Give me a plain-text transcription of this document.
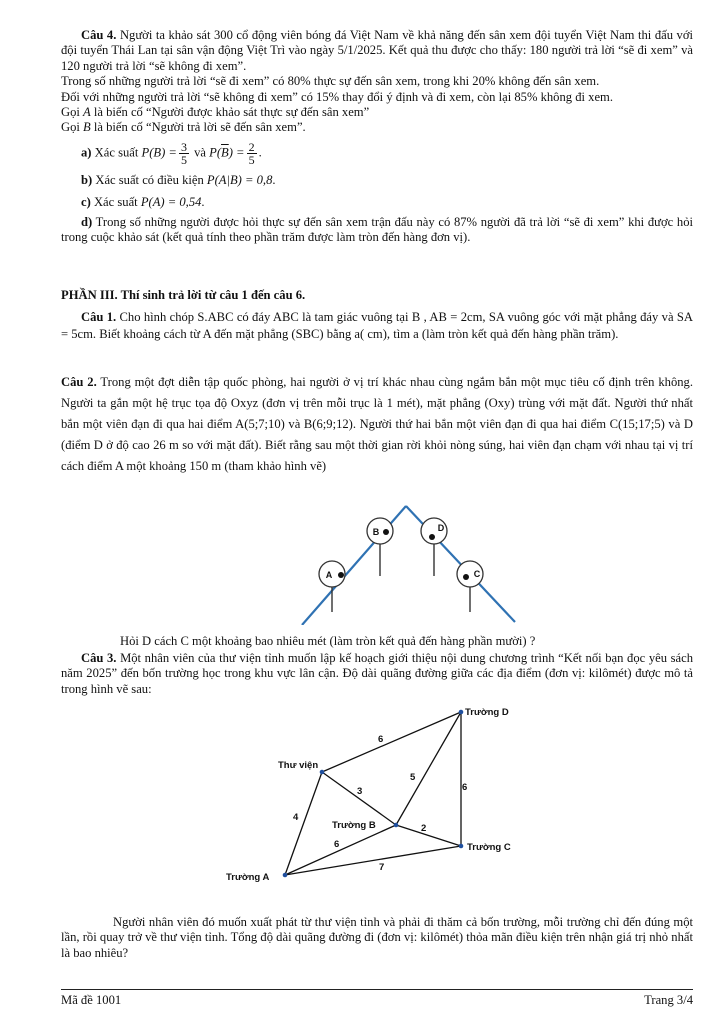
Câu 4. Người ta khảo sát 300 cổ động viên bóng đá Việt Nam về khả năng đến sân xem đội tuyển Việt Nam thi đấu với đội tuyển Thái Lan tại sân vận động Việt Trì vào ngày 5/1/2025. Kết quả thu được cho thấy: 180 người trả lời “sẽ đi xem” và 120 người trả lời “sẽ không đi xem”.

Trong số những người trả lời “sẽ đi xem” có 80% thực sự đến sân xem, trong khi 20% không đến sân xem.

Đối với những người trả lời “sẽ không đi xem” có 15% thay đổi ý định và đi xem, còn lại 85% không đi xem.

Gọi A là biến cố “Người được khảo sát thực sự đến sân xem”

Gọi B là biến cố “Người trả lời sẽ đến sân xem”.

a) Xác suất $P(B) = \frac{3}{5}$ và $P(\overline{B}) = \frac{2}{5}$ .

b) Xác suất có điều kiện P(A|B) = 0,8.

c) Xác suất P(A) = 0,54.

d) Trong số những người được hỏi thực sự đến sân xem trận đấu này có 87% người đã trả lời “sẽ đi xem” khi được hỏi trong cuộc khảo sát (kết quả tính theo phần trăm được làm tròn đến hàng đơn vị).

PHẦN III. Thí sinh trả lời từ câu 1 đến câu 6.

Câu 1. Cho hình chóp S.ABC có đáy ABC là tam giác vuông tại B , AB = 2cm, SA vuông góc với mặt phẳng đáy và SA = 5cm. Biết khoảng cách từ A đến mặt phẳng (SBC) bằng a( cm), tìm a (làm tròn kết quả đến hàng phần trăm).

Câu 2. Trong một đợt diễn tập quốc phòng, hai người ở vị trí khác nhau cùng ngắm bắn một mục tiêu cố định trên không. Người ta gắn một hệ trục tọa độ Oxyz (đơn vị trên mỗi trục là 1 mét), mặt phẳng (Oxy) trùng với mặt đất. Người thứ nhất bắn một viên đạn đi qua hai điểm A(5;7;10) và B(6;9;12). Người thứ hai bắn một viên đạn đi qua hai điểm C(15;17;5) và D (điểm D ở độ cao 26 m so với mặt đất). Biết rằng sau một thời gian rời khỏi nòng súng, hai viên đạn chạm với nhau tại vị trí cách điểm A một khoảng 150 m (tham khảo hình vẽ)

A
B	D
C

Hỏi D cách C một khoảng bao nhiêu mét (làm tròn kết quả đến hàng phần mười) ?

Câu 3. Một nhân viên của thư viện tỉnh muốn lập kế hoạch giới thiệu nội dung chương trình “Kết nối bạn đọc yêu sách năm 2025” đến bốn trường học trong khu vực lân cận. Độ dài quãng đường giữa các địa điểm (đơn vị: kilômét) được mô tả trong hình vẽ sau:

Thư viện
Trường D
Trường B
Trường C
Trường A
6
3
4
5
6
2
6
7

Người nhân viên đó muốn xuất phát từ thư viện tỉnh và phải đi thăm cả bốn trường, mỗi trường chỉ đến đúng một lần, rồi quay trở về thư viện tỉnh. Tổng độ dài quãng đường đi (đơn vị: kilômét) thỏa mãn điều kiện trên nhận giá trị nhỏ nhất là bao nhiêu?

Mã đề 1001	Trang 3/4
